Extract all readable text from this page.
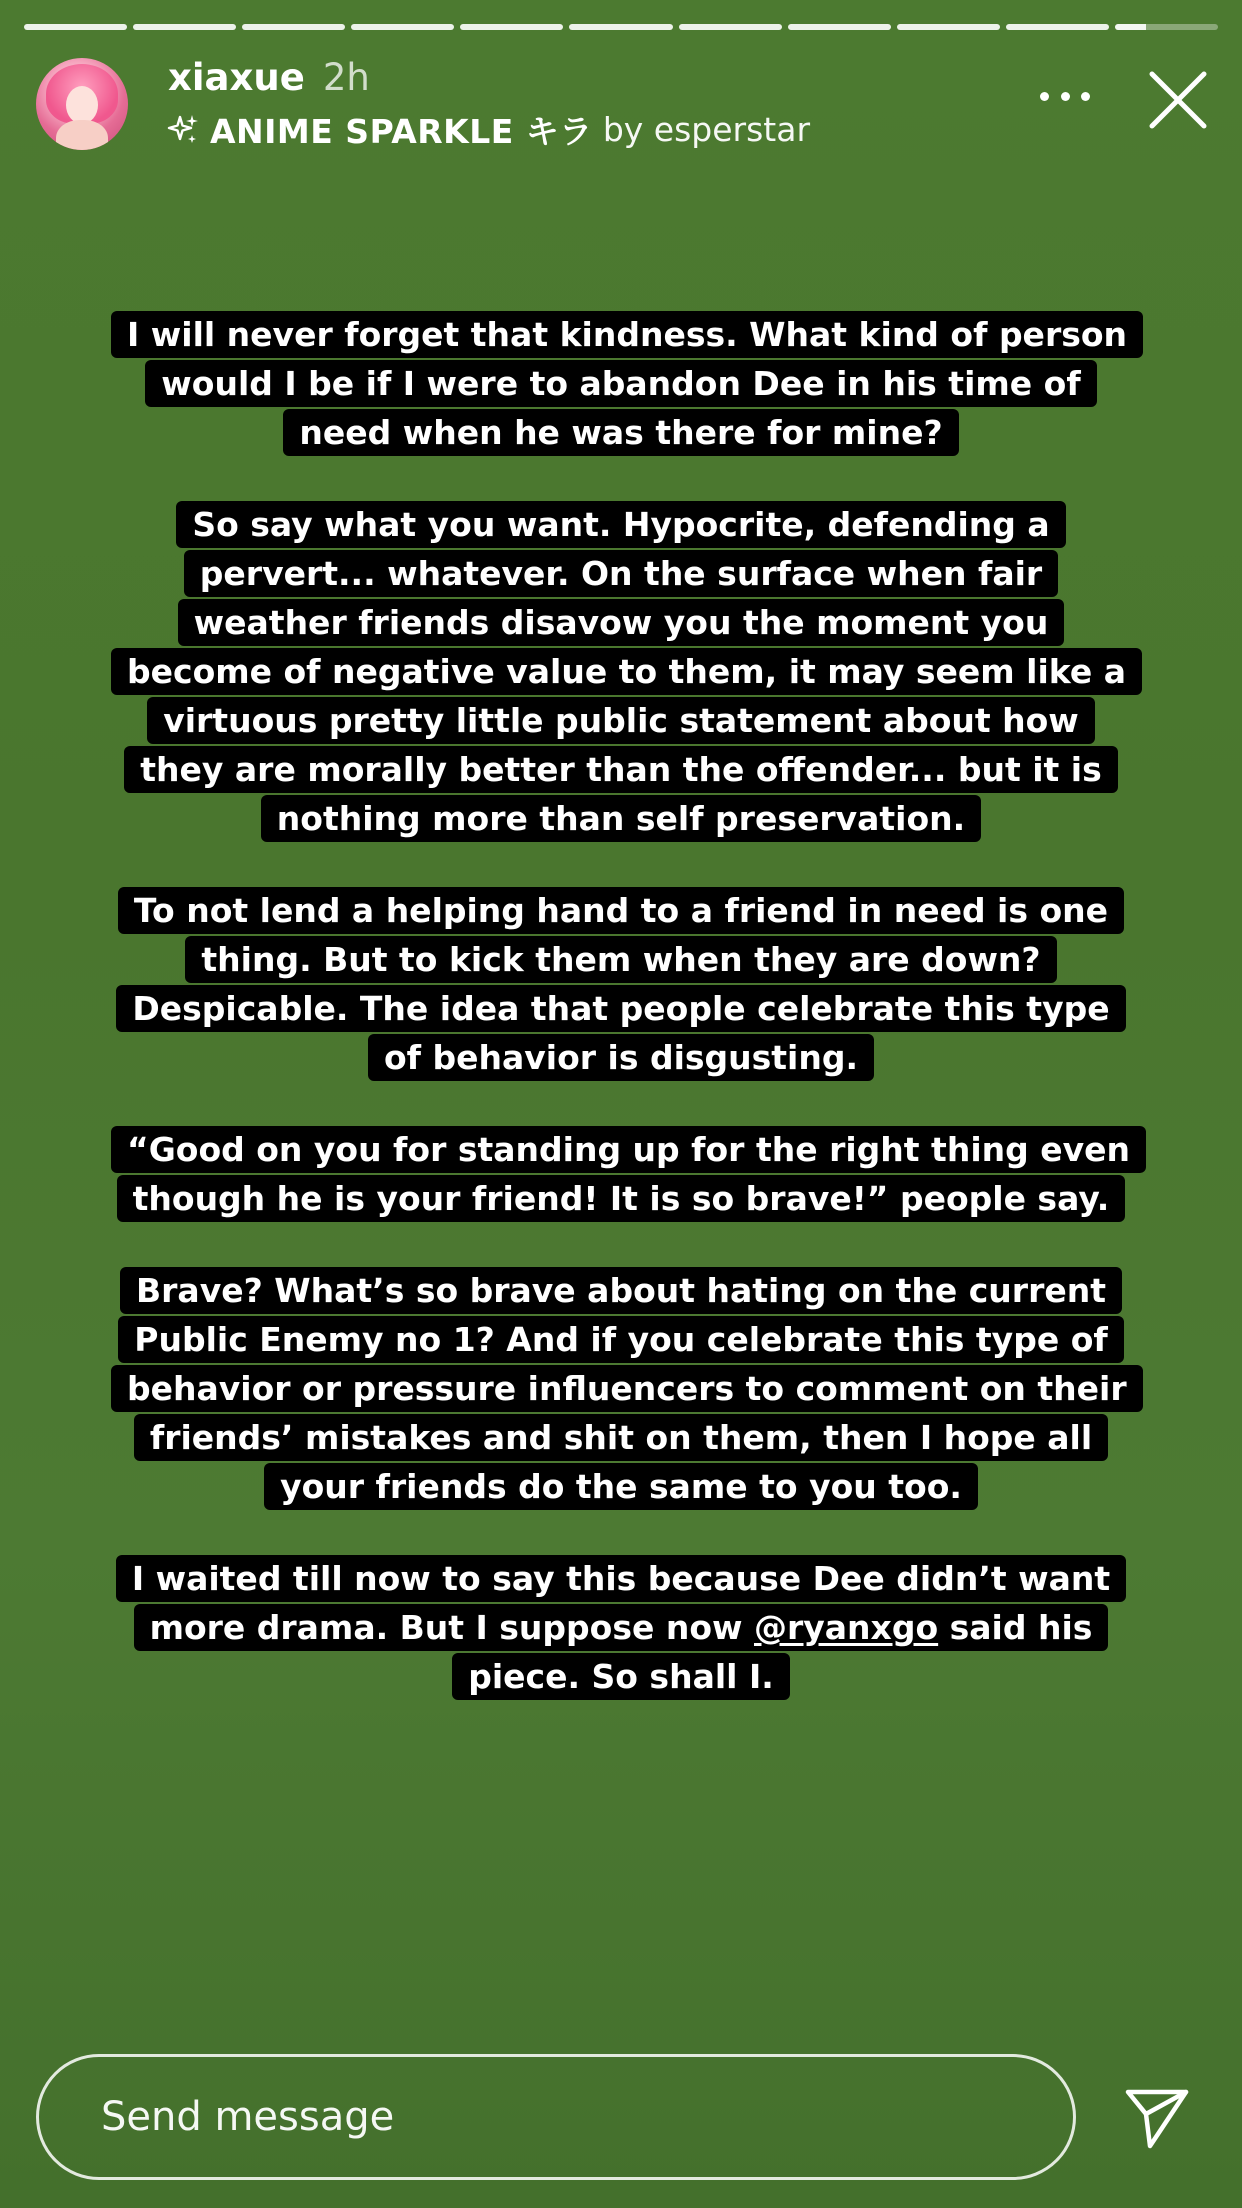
xiaxue 2h
ANIME SPARKLE キラ by esperstar
I will never forget that kindness. What kind of person would I be if I were to abandon Dee in his time of need when he was there for mine?
So say what you want. Hypocrite, defending a pervert... whatever. On the surface when fair weather friends disavow you the moment you become of negative value to them, it may seem like a virtuous pretty little public statement about how they are morally better than the offender... but it is nothing more than self preservation.
To not lend a helping hand to a friend in need is one thing. But to kick them when they are down? Despicable. The idea that people celebrate this type of behavior is disgusting.
“Good on you for standing up for the right thing even though he is your friend! It is so brave!” people say.
Brave? What’s so brave about hating on the current Public Enemy no 1? And if you celebrate this type of behavior or pressure influencers to comment on their friends’ mistakes and shit on them, then I hope all your friends do the same to you too.
I waited till now to say this because Dee didn’t want more drama. But I suppose now @ryanxgo said his piece. So shall I.
Send message
